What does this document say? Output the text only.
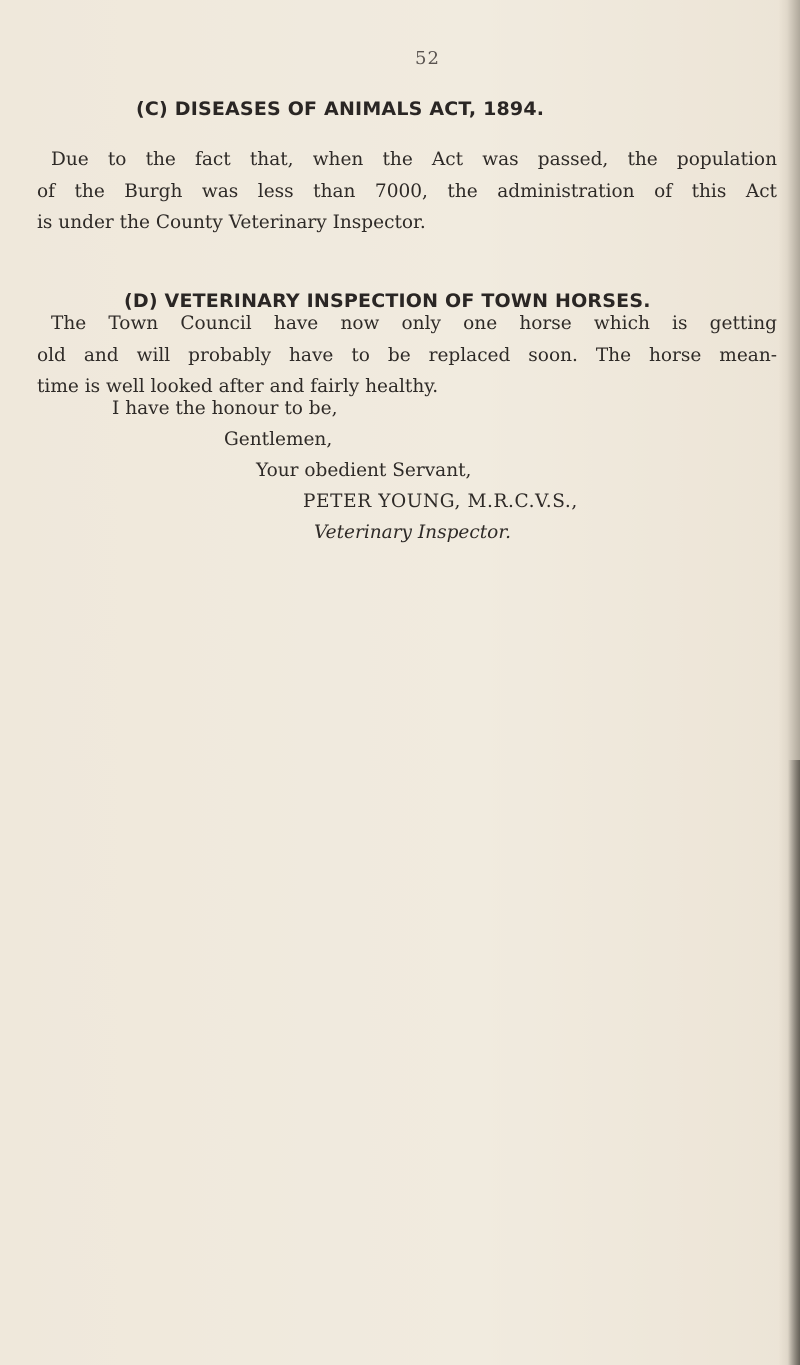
52
(C) DISEASES OF ANIMALS ACT, 1894.
Due to the fact that, when the Act was passed, the population
of the Burgh was less than 7000, the administration of this Act
is under the County Veterinary Inspector.
(D) VETERINARY INSPECTION OF TOWN HORSES.
The Town Council have now only one horse which is getting
old and will probably have to be replaced soon. The horse mean-
time is well looked after and fairly healthy.
I have the honour to be,
Gentlemen,
Your obedient Servant,
PETER YOUNG, M.R.C.V.S.,
Veterinary Inspector.
